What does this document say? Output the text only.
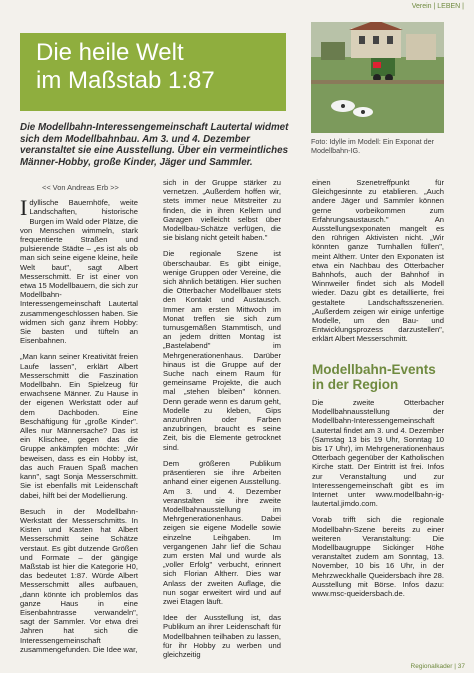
Verein | LEBEN |
Die heile Welt
im Maßstab 1:87
Foto: Idylle im Modell: Ein Exponat der Modellbahn-IG.
Die Modellbahn-Interessengemeinschaft Lautertal widmet sich dem Modellbahnbau. Am 3. und 4. Dezember veranstaltet sie eine Ausstellung. Über ein vermeintliches Männer-Hobby, große Kinder, Jäger und Sammler.
<< Von Andreas Erb >>

Idyllische Bauernhöfe, weite Landschaften, historische Burgen im Wald oder Plätze, die von Menschen wimmeln, stark frequentierte Straßen und pulsierende Städte – „es ist als ob man sich seine eigene kleine, heile Welt baut", sagt Albert Messerschmitt. Er ist einer von etwa 15 Modellbauern, die sich zur Modellbahn-Interessengemeinschaft Lautertal zusammengeschlossen haben. Sie widmen sich ganz ihrem Hobby: Sie basten und tüfteln an Eisenbahnen.

„Man kann seiner Kreativität freien Laufe lassen", erklärt Albert Messerschmitt die Faszination Modellbahn. Ein Spielzeug für erwachsene Männer. Zu Hause in der eigenen Werkstatt oder auf dem Dachboden. Eine Beschäftigung für „große Kinder". Alles nur Männersache? Das ist ein Klischee, gegen das die Gruppe ankämpfen möchte: „Wir beweisen, dass es ein Hobby ist, das auch Frauen Spaß machen kann", sagt Sonja Messerschmitt. Sie ist ebenfalls mit Leidenschaft dabei, hilft bei der Modellierung.

Besuch in der Modellbahn-Werkstatt der Messerschmitts. In Kisten und Kasten hat Albert Messerschmitt seine Schätze verstaut. Es gibt dutzende Größen und Formate – der gängige Maßstab ist hier die Kategorie H0, das bedeutet 1:87. Würde Albert Messerschmitt alles aufbauen, „dann könnte ich problemlos das ganze Haus in eine Eisenbahntrasse verwandeln", sagt der Sammler. Vor etwa drei Jahren hat sich die Interessengemeinschaft zusammengefunden. Die Idee war,

sich in der Gruppe stärker zu vernetzen. „Außerdem hoffen wir, stets immer neue Mitstreiter zu finden, die in ihren Kellern und Garagen vielleicht selbst über Modellbau-Schätze verfügen, die sie bislang nicht geteilt haben."

Die regionale Szene ist überschaubar. Es gibt einige, wenige Gruppen oder Vereine, die sich ähnlich betätigen. Hier suchen die Otterbacher Modellbauer stets den Kontakt und Austausch. Immer am ersten Mittwoch im Monat treffen sie sich zum turnusgemäßen Stammtisch, und an jedem dritten Montag ist „Bastelabend" im Mehrgenerationenhaus. Darüber hinaus ist die Gruppe auf der Suche nach einem Raum für gemeinsame Projekte, die auch mal „stehen bleiben" können. Denn gerade wenn es darum geht, Modelle zu kleben, Gips anzurühren oder Farben anzubringen, braucht es seine Zeit, bis die Elemente getrocknet sind.

Dem größeren Publikum präsentieren sie ihre Arbeiten anhand einer eigenen Ausstellung. Am 3. und 4. Dezember veranstalten sie ihre zweite Modellbahnausstellung im Mehrgenerationenhaus. Dabei zeigen sie eigene Modelle sowie einzelne Leihgaben. Im vergangenen Jahr lief die Schau zum ersten Mal und wurde als „voller Erfolg" verbucht, erinnert sich Florian Altherr. Dies war Anlass der zweiten Auflage, die nun sogar erweitert wird und auf zwei Etagen läuft.

Idee der Ausstellung ist, das Publikum an ihrer Leidenschaft für Modellbahnen teilhaben zu lassen, für ihr Hobby zu werben und gleichzeitig

einen Szenetreffpunkt für Gleichgesinnte zu etablieren. „Auch andere Jäger und Sammler können gerne vorbeikommen zum Erfahrungsaustausch." An Ausstellungsexponaten mangelt es den rührigen Aktivisten nicht. „Wir könnten ganze Turnhallen füllen", meint Altherr. Unter den Exponaten ist etwa ein Nachbau des Otterbacher Bahnhofs, auch der Bahnhof in Winnweiler findet sich als Modell wieder. Dazu gibt es detaillierte, frei gestaltete Landschaftsszenerien. „Außerdem zeigen wir einige unfertige Modelle, um den Bau- und Entwicklungsprozess darzustellen", erklärt Albert Messerschmitt.

Modellbahn-Events
in der Region

Die zweite Otterbacher Modellbahnausstellung der Modellbahn-Interessengemeinschaft Lautertal findet am 3. und 4. Dezember (Samstag 13 bis 19 Uhr, Sonntag 10 bis 17 Uhr), im Mehrgenerationenhaus Otterbach gegenüber der Katholischen Kirche statt. Der Eintritt ist frei. Infos zur Veranstaltung und zur Interessengemeinschaft gibt es im Internet unter www.modellbahn-ig-lautertal.jimdo.com.

Vorab trifft sich die regionale Modellbahn-Szene bereits zu einer weiteren Veranstaltung: Die Modellbaugruppe Sickinger Höhe veranstaltet zudem am Sonntag, 13. November, 10 bis 16 Uhr, in der Mehrzweckhalle Queidersbach ihre 28. Ausstellung mit Börse. Infos dazu: www.msc-queidersbach.de.

Regionalkader | 37
